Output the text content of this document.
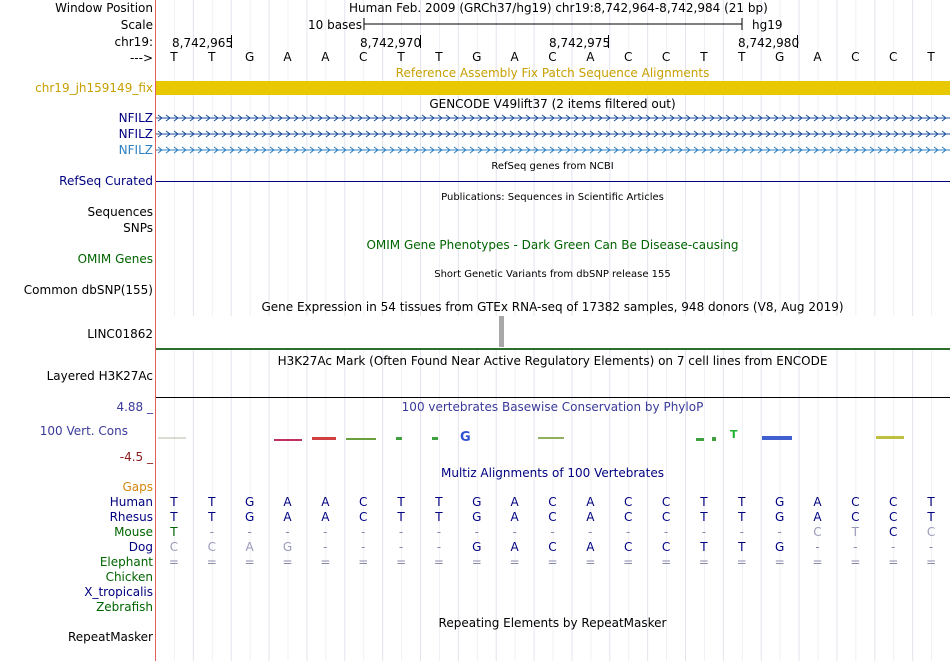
Window Position
Scale
chr19:
--->
Human Feb. 2009 (GRCh37/hg19) chr19:8,742,964-8,742,984 (21 bp)
10 bases	hg19
8,742,965	8,742,970	8,742,975	8,742,980
T	T G A A C	T	T G A C A C C	T	T G A C C	T
Reference Assembly Fix Patch Sequence Alignments
chr19_jh159149_fix
GENCODE V49lift37 (2 items filtered out)
NFILZ
NFILZ
NFILZ
RefSeq genes from NCBI
RefSeq Curated
Publications: Sequences in Scientific Articles
Sequences
SNPs
OMIM Gene Phenotypes - Dark Green Can Be Disease-causing
OMIM Genes
Short Genetic Variants from dbSNP release 155
Common dbSNP(155)
Gene Expression in 54 tissues from GTEx RNA-seq of 17382 samples, 948 donors (V8, Aug 2019)
LINC01862
H3K27Ac Mark (Often Found Near Active Regulatory Elements) on 7 cell lines from ENCODE
Layered H3K27Ac
100 vertebrates Basewise Conservation by PhyloP
4.88 _
100 Vert. Cons
-4.5 _
G	T
Multiz Alignments of 100 Vertebrates
Gaps
Human T	T G A A C	T	T G A C A C C	T	T G A C C	T
Rhesus T	T G A A C	T	T G A C A C C	T	T G A C C	T
Mouse T	-	-	-	-	-	-	-	-	-	-	-	-	-	-	-	-	C T C C
Dog C C A G	-	-	-	-	G A C A C C	T	T G	-	-	-	-
Elephant = = = = = = = = = = = = = = = = = = = = =
Chicken
X_tropicalis
Zebrafish
Repeating Elements by RepeatMasker
RepeatMasker
